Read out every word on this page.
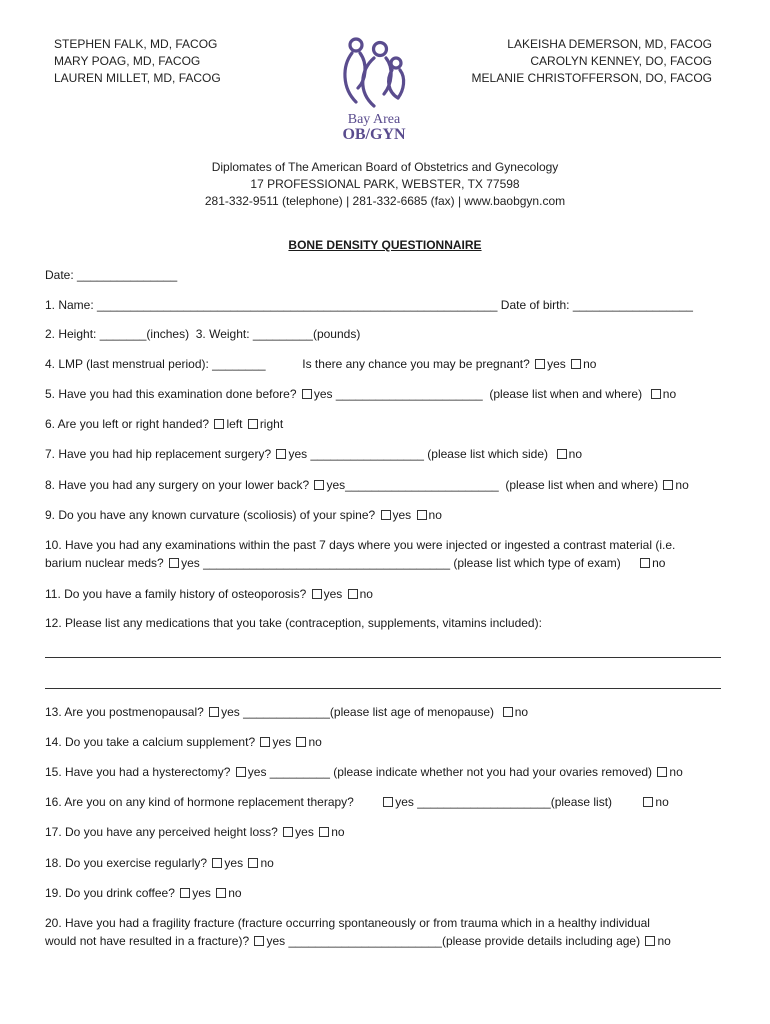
STEPHEN FALK, MD, FACOG
MARY POAG, MD, FACOG
LAUREN MILLET, MD, FACOG
LAKEISHA DEMERSON, MD, FACOG
CAROLYN KENNEY, DO, FACOG
MELANIE CHRISTOFFERSON, DO, FACOG
Bay Area
OB/GYN
Diplomates of The American Board of Obstetrics and Gynecology
17 PROFESSIONAL PARK, WEBSTER, TX 77598
281-332-9511 (telephone) | 281-332-6685 (fax) | www.baobgyn.com
BONE DENSITY QUESTIONNAIRE
Date: _______________
1. Name: ____________________________________________________________ Date of birth: __________________
2. Height: _______(inches)  3. Weight: _________(pounds)
4. LMP (last menstrual period): ________	Is there any chance you may be pregnant? yes no
5. Have you had this examination done before? yes ______________________  (please list when and where)  no
6. Are you left or right handed? left right
7. Have you had hip replacement surgery? yes _________________ (please list which side)  no
8. Have you had any surgery on your lower back? yes_______________________  (please list when and where) no
9. Do you have any known curvature (scoliosis) of your spine? yes no
10. Have you had any examinations within the past 7 days where you were injected or ingested a contrast material (i.e.
barium nuclear meds? yes _____________________________________ (please list which type of exam) no
11. Do you have a family history of osteoporosis? yes no
12. Please list any medications that you take (contraception, supplements, vitamins included):
13. Are you postmenopausal? yes _____________(please list age of menopause)  no
14. Do you take a calcium supplement? yes no
15. Have you had a hysterectomy? yes _________ (please indicate whether not you had your ovaries removed) no
16. Are you on any kind of hormone replacement therapy?	yes ____________________(please list)	no
17. Do you have any perceived height loss? yes no
18. Do you exercise regularly? yes no
19. Do you drink coffee? yes no
20. Have you had a fragility fracture (fracture occurring spontaneously or from trauma which in a healthy individual
would not have resulted in a fracture)? yes _______________________(please provide details including age) no
